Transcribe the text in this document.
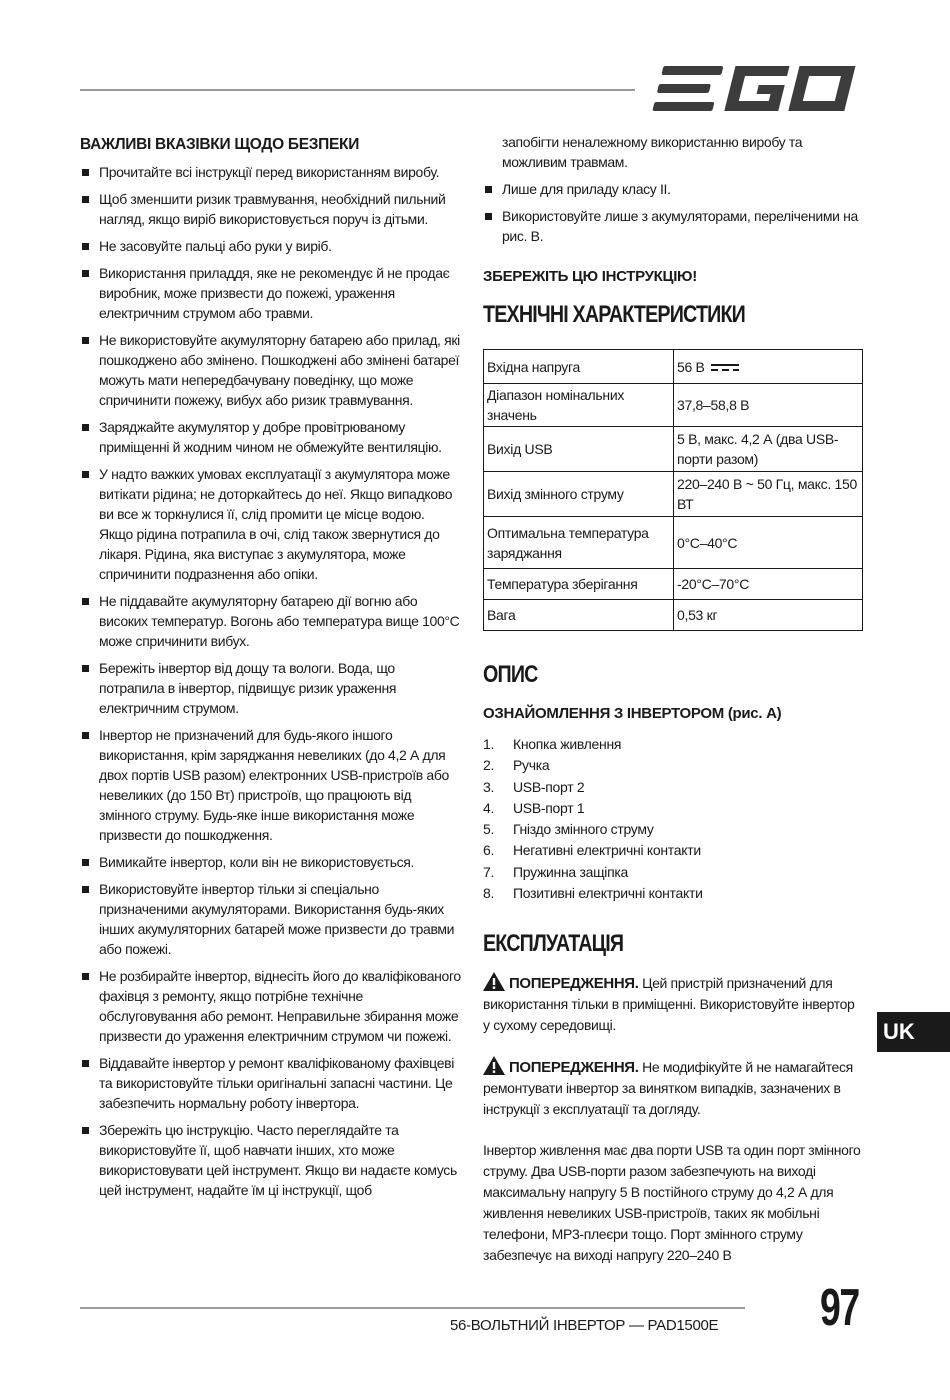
ВАЖЛИВІ ВКАЗІВКИ ЩОДО БЕЗПЕКИ
Прочитайте всі інструкції перед використанням виробу.
Щоб зменшити ризик травмування, необхідний пильний нагляд, якщо виріб використовується поруч із дітьми.
Не засовуйте пальці або руки у виріб.
Використання приладдя, яке не рекомендує й не продає виробник, може призвести до пожежі, ураження електричним струмом або травми.
Не використовуйте акумуляторну батарею або прилад, які пошкоджено або змінено. Пошкоджені або змінені батареї можуть мати непередбачувану поведінку, що може спричинити пожежу, вибух або ризик травмування.
Заряджайте акумулятор у добре провітрюваному приміщенні й жодним чином не обмежуйте вентиляцію.
У надто важких умовах експлуатації з акумулятора може витікати рідина; не доторкайтесь до неї. Якщо випадково ви все ж торкнулися її, слід промити це місце водою. Якщо рідина потрапила в очі, слід також звернутися до лікаря. Рідина, яка виступає з акумулятора, може спричинити подразнення або опіки.
Не піддавайте акумуляторну батарею дії вогню або високих температур. Вогонь або температура вище 100°C може спричинити вибух.
Бережіть інвертор від дощу та вологи. Вода, що потрапила в інвертор, підвищує ризик ураження електричним струмом.
Інвертор не призначений для будь-якого іншого використання, крім заряджання невеликих (до 4,2 А для двох портів USB разом) електронних USB-пристроїв або невеликих (до 150 Вт) пристроїв, що працюють від змінного струму. Будь-яке інше використання може призвести до пошкодження.
Вимикайте інвертор, коли він не використовується.
Використовуйте інвертор тільки зі спеціально призначеними акумуляторами. Використання будь-яких інших акумуляторних батарей може призвести до травми або пожежі.
Не розбирайте інвертор, віднесіть його до кваліфікованого фахівця з ремонту, якщо потрібне технічне обслуговування або ремонт. Неправильне збирання може призвести до ураження електричним струмом чи пожежі.
Віддавайте інвертор у ремонт кваліфікованому фахівцеві та використовуйте тільки оригінальні запасні частини. Це забезпечить нормальну роботу інвертора.
Збережіть цю інструкцію. Часто переглядайте та використовуйте її, щоб навчати інших, хто може використовувати цей інструмент. Якщо ви надаєте комусь цей інструмент, надайте їм ці інструкції, щоб
запобігти неналежному використанню виробу та можливим травмам.
Лише для приладу класу II.
Використовуйте лише з акумуляторами, переліченими на рис. B.
ЗБЕРЕЖІТЬ ЦЮ ІНСТРУКЦІЮ!
ТЕХНІЧНІ ХАРАКТЕРИСТИКИ
Вхідна напруга	56 В
Діапазон номінальних значень	37,8–58,8 В
Вихід USB	5 В, макс. 4,2 А (два USB-порти разом)
Вихід змінного струму	220–240 В ~ 50 Гц, макс. 150 ВТ
Оптимальна температура заряджання	0°C–40°C
Температура зберігання	-20°C–70°C
Вага	0,53 кг
ОПИС
ОЗНАЙОМЛЕННЯ З ІНВЕРТОРОМ (рис. А)
1. Кнопка живлення
2. Ручка
3. USB-порт 2
4. USB-порт 1
5. Гніздо змінного струму
6. Негативні електричні контакти
7. Пружинна защіпка
8. Позитивні електричні контакти
ЕКСПЛУАТАЦІЯ
ПОПЕРЕДЖЕННЯ. Цей пристрій призначений для використання тільки в приміщенні. Використовуйте інвертор у сухому середовищі.
ПОПЕРЕДЖЕННЯ. Не модифікуйте й не намагайтеся ремонтувати інвертор за винятком випадків, зазначених в інструкції з експлуатації та догляду.
Інвертор живлення має два порти USB та один порт змінного струму. Два USB-порти разом забезпечують на виході максимальну напругу 5 В постійного струму до 4,2 А для живлення невеликих USB-пристроїв, таких як мобільні телефони, MP3-плеєри тощо. Порт змінного струму забезпечує на виході напругу 220–240 В
UK
56-ВОЛЬТНИЙ ІНВЕРТОР — PAD1500E 97
